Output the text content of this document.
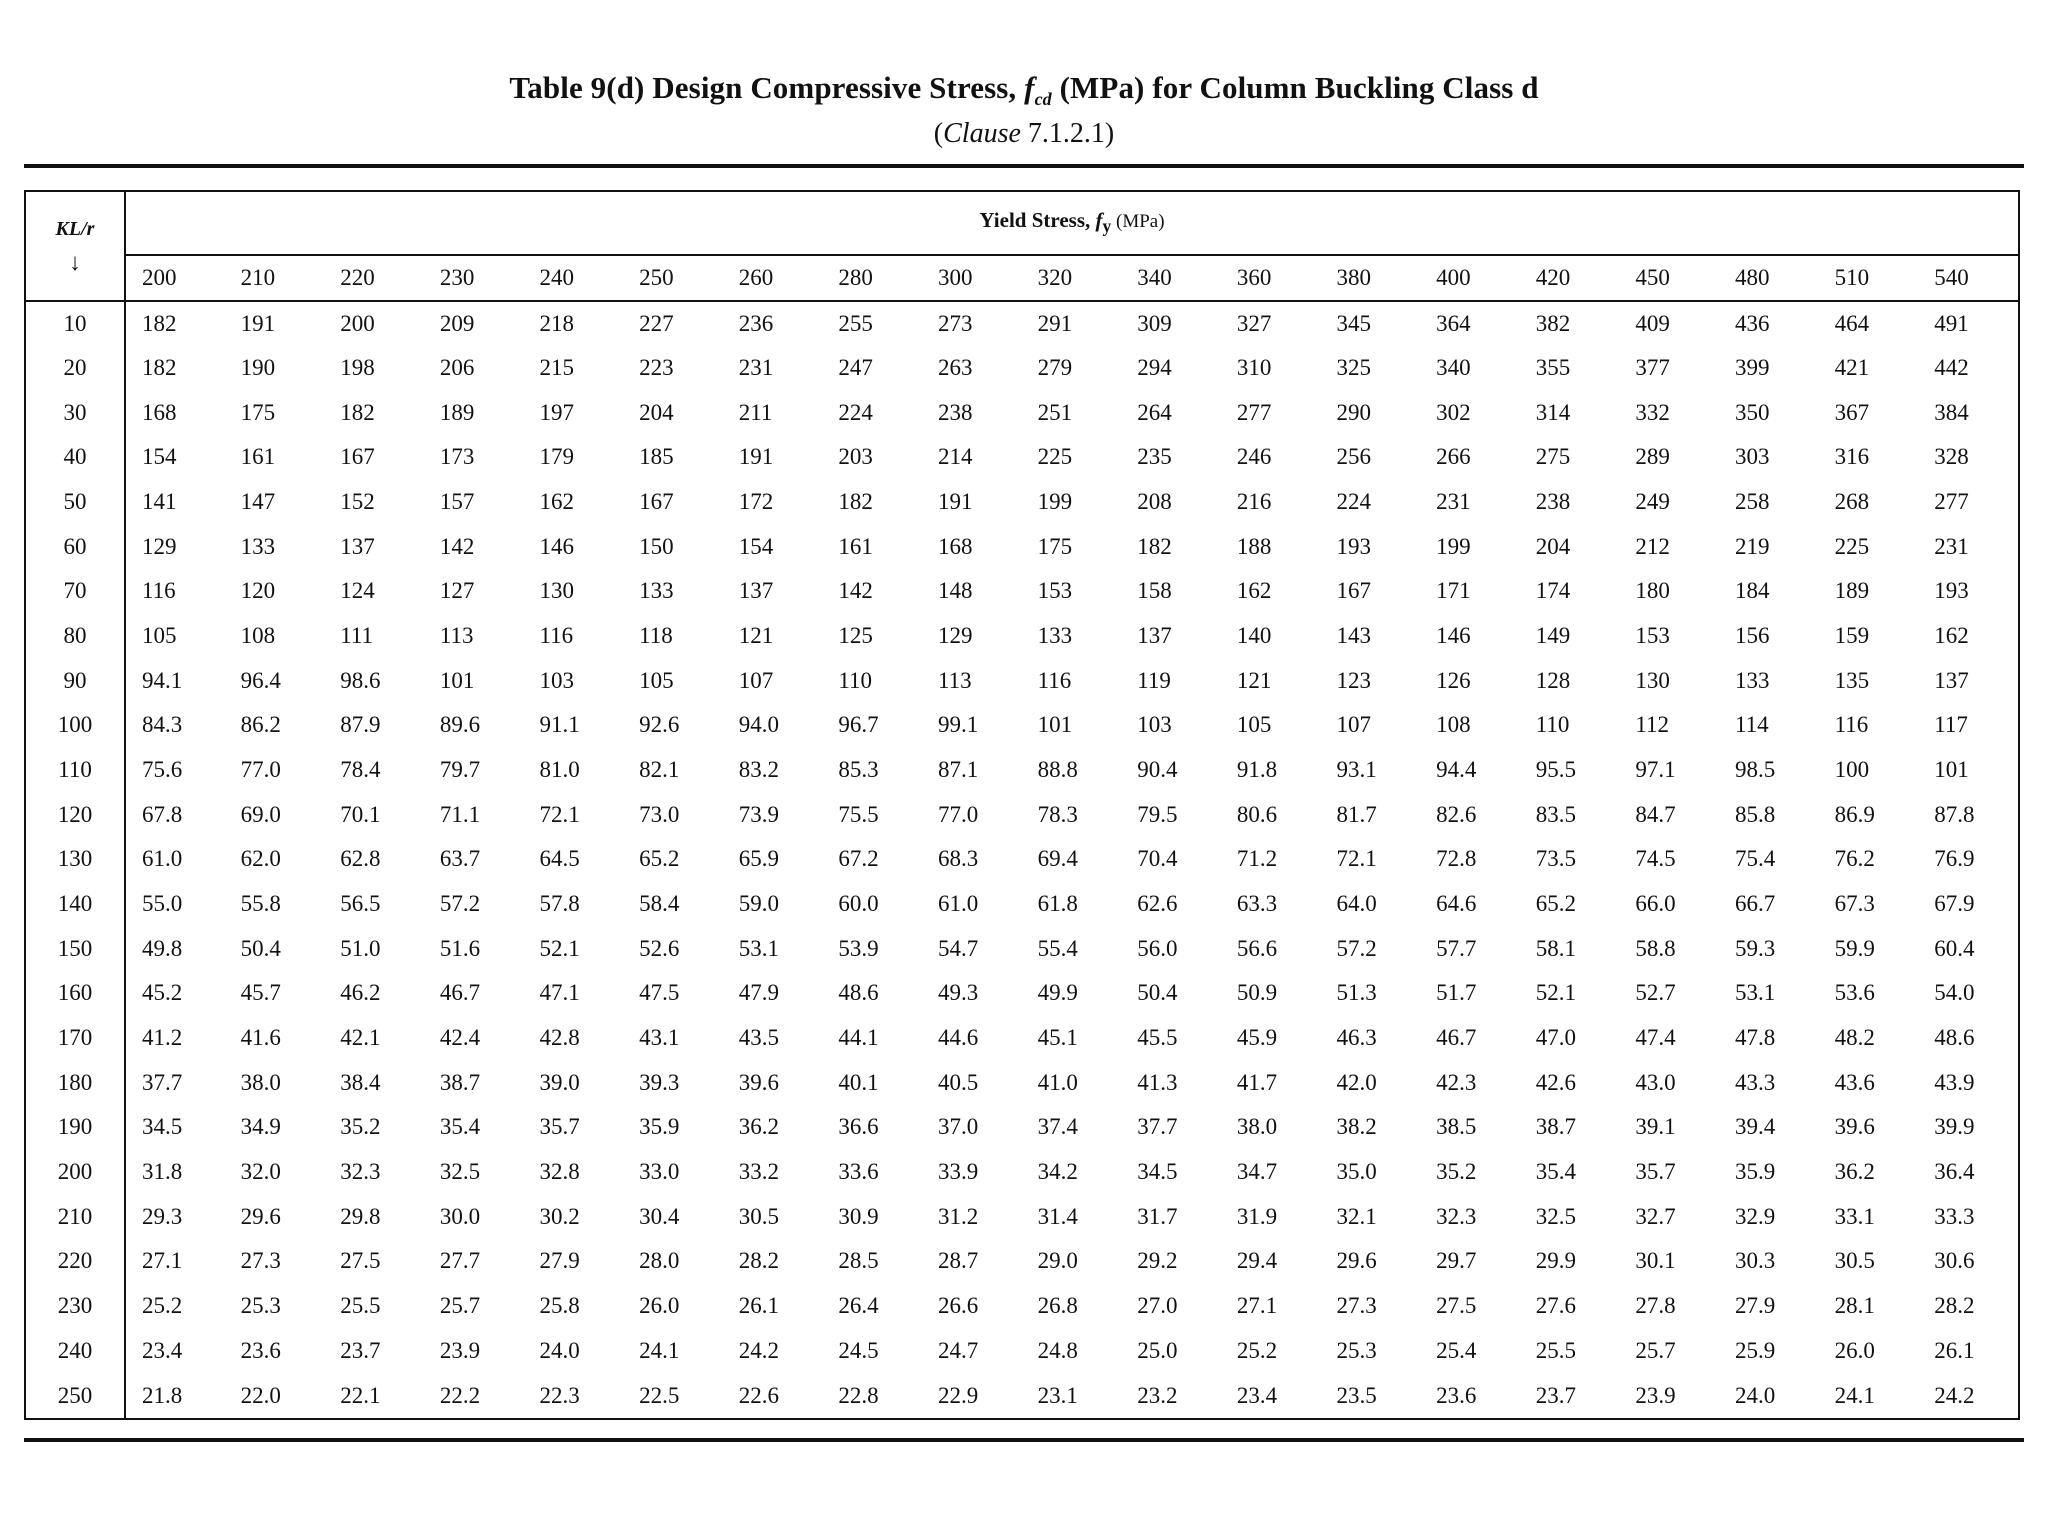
Table 9(d) Design Compressive Stress, $f_{cd}$ (MPa) for Column Buckling Class d
(Clause 7.1.2.1)
KL/r
↓	Yield Stress, $f_y$ (MPa)																		
	200	210	220	230	240	250	260	280	300	320	340	360	380	400	420	450	480	510	540
10	182	191	200	209	218	227	236	255	273	291	309	327	345	364	382	409	436	464	491
20	182	190	198	206	215	223	231	247	263	279	294	310	325	340	355	377	399	421	442
30	168	175	182	189	197	204	211	224	238	251	264	277	290	302	314	332	350	367	384
40	154	161	167	173	179	185	191	203	214	225	235	246	256	266	275	289	303	316	328
50	141	147	152	157	162	167	172	182	191	199	208	216	224	231	238	249	258	268	277
60	129	133	137	142	146	150	154	161	168	175	182	188	193	199	204	212	219	225	231
70	116	120	124	127	130	133	137	142	148	153	158	162	167	171	174	180	184	189	193
80	105	108	111	113	116	118	121	125	129	133	137	140	143	146	149	153	156	159	162
90	94.1	96.4	98.6	101	103	105	107	110	113	116	119	121	123	126	128	130	133	135	137
100	84.3	86.2	87.9	89.6	91.1	92.6	94.0	96.7	99.1	101	103	105	107	108	110	112	114	116	117
110	75.6	77.0	78.4	79.7	81.0	82.1	83.2	85.3	87.1	88.8	90.4	91.8	93.1	94.4	95.5	97.1	98.5	100	101
120	67.8	69.0	70.1	71.1	72.1	73.0	73.9	75.5	77.0	78.3	79.5	80.6	81.7	82.6	83.5	84.7	85.8	86.9	87.8
130	61.0	62.0	62.8	63.7	64.5	65.2	65.9	67.2	68.3	69.4	70.4	71.2	72.1	72.8	73.5	74.5	75.4	76.2	76.9
140	55.0	55.8	56.5	57.2	57.8	58.4	59.0	60.0	61.0	61.8	62.6	63.3	64.0	64.6	65.2	66.0	66.7	67.3	67.9
150	49.8	50.4	51.0	51.6	52.1	52.6	53.1	53.9	54.7	55.4	56.0	56.6	57.2	57.7	58.1	58.8	59.3	59.9	60.4
160	45.2	45.7	46.2	46.7	47.1	47.5	47.9	48.6	49.3	49.9	50.4	50.9	51.3	51.7	52.1	52.7	53.1	53.6	54.0
170	41.2	41.6	42.1	42.4	42.8	43.1	43.5	44.1	44.6	45.1	45.5	45.9	46.3	46.7	47.0	47.4	47.8	48.2	48.6
180	37.7	38.0	38.4	38.7	39.0	39.3	39.6	40.1	40.5	41.0	41.3	41.7	42.0	42.3	42.6	43.0	43.3	43.6	43.9
190	34.5	34.9	35.2	35.4	35.7	35.9	36.2	36.6	37.0	37.4	37.7	38.0	38.2	38.5	38.7	39.1	39.4	39.6	39.9
200	31.8	32.0	32.3	32.5	32.8	33.0	33.2	33.6	33.9	34.2	34.5	34.7	35.0	35.2	35.4	35.7	35.9	36.2	36.4
210	29.3	29.6	29.8	30.0	30.2	30.4	30.5	30.9	31.2	31.4	31.7	31.9	32.1	32.3	32.5	32.7	32.9	33.1	33.3
220	27.1	27.3	27.5	27.7	27.9	28.0	28.2	28.5	28.7	29.0	29.2	29.4	29.6	29.7	29.9	30.1	30.3	30.5	30.6
230	25.2	25.3	25.5	25.7	25.8	26.0	26.1	26.4	26.6	26.8	27.0	27.1	27.3	27.5	27.6	27.8	27.9	28.1	28.2
240	23.4	23.6	23.7	23.9	24.0	24.1	24.2	24.5	24.7	24.8	25.0	25.2	25.3	25.4	25.5	25.7	25.9	26.0	26.1
250	21.8	22.0	22.1	22.2	22.3	22.5	22.6	22.8	22.9	23.1	23.2	23.4	23.5	23.6	23.7	23.9	24.0	24.1	24.2
